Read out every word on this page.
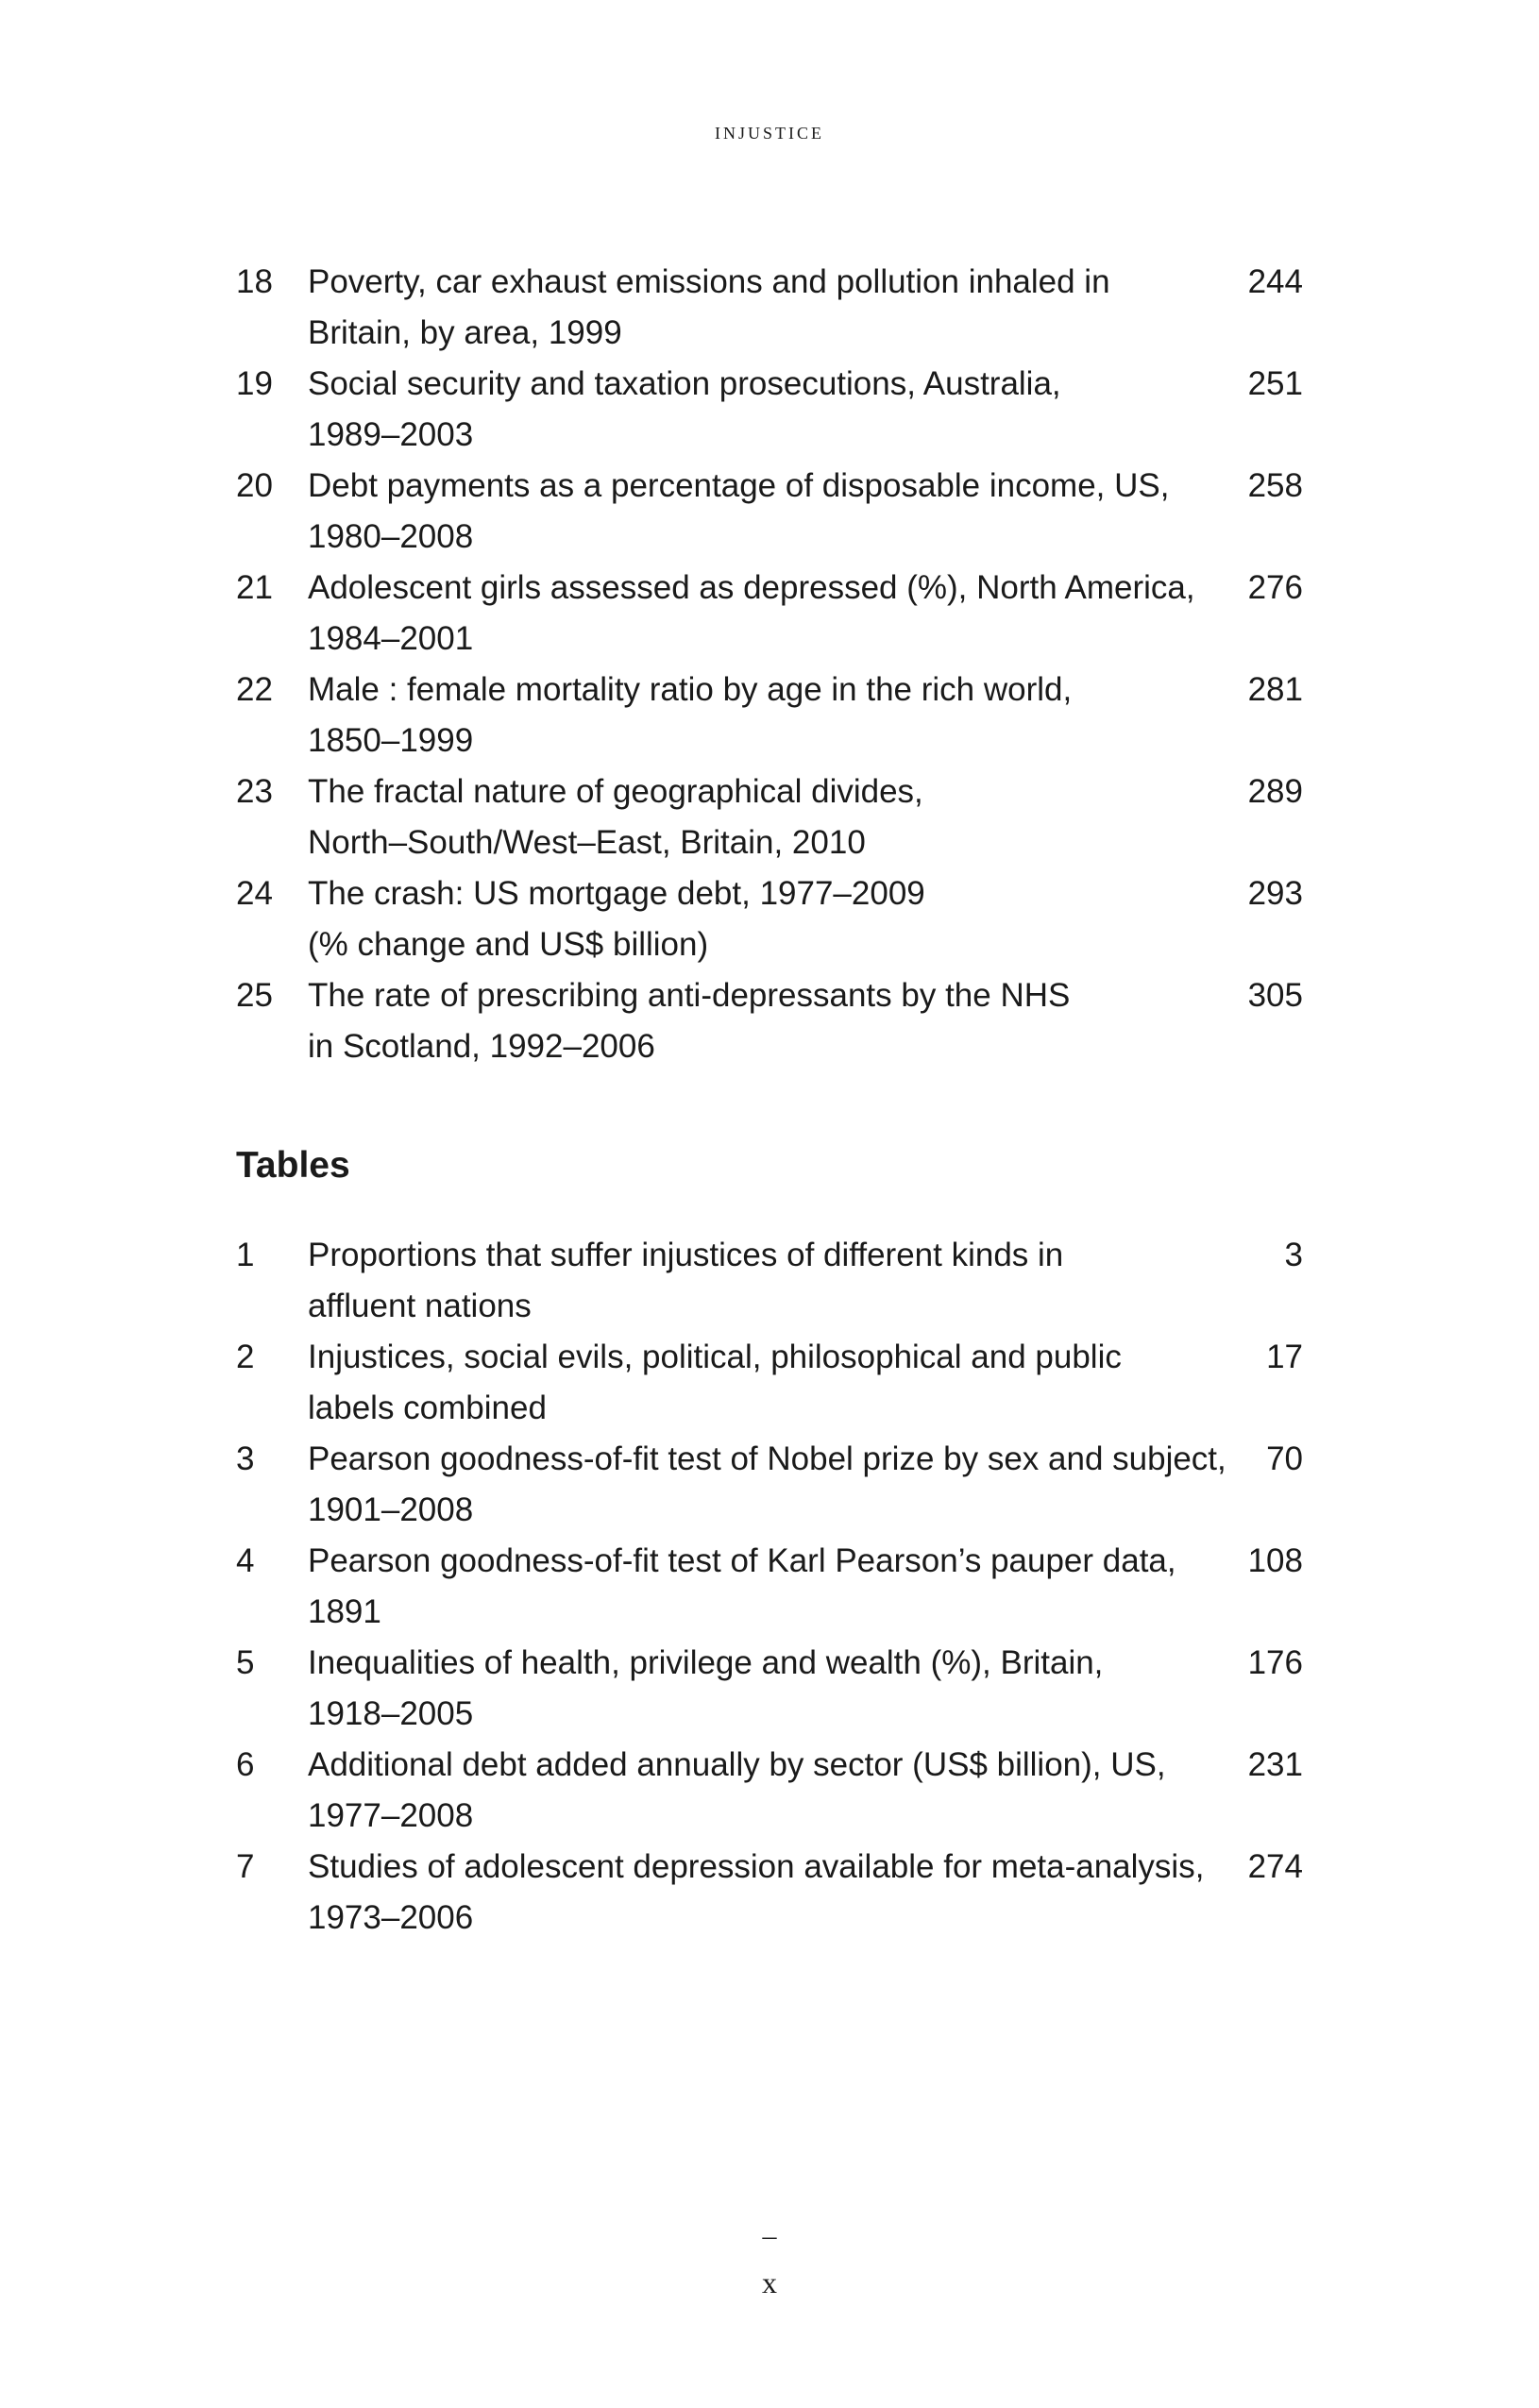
injustice
18 Poverty, car exhaust emissions and pollution inhaled in
Britain, by area, 1999
244
19 Social security and taxation prosecutions, Australia,
1989–2003
251
20 Debt payments as a percentage of disposable income, US,
1980–2008
258
21 Adolescent girls assessed as depressed (%), North America,
1984–2001
276
22 Male : female mortality ratio by age in the rich world,
1850–1999
281
23 The fractal nature of geographical divides,
North–South/West–East, Britain, 2010
289
24 The crash: US mortgage debt, 1977–2009
(% change and US$ billion)
293
25 The rate of prescribing anti-depressants by the NHS
in Scotland, 1992–2006
305
Tables
1 Proportions that suffer injustices of different kinds in
affluent nations
3
2 Injustices, social evils, political, philosophical and public
labels combined
17
3 Pearson goodness-of-fit test of Nobel prize by sex and subject,
1901–2008
70
4 Pearson goodness-of-fit test of Karl Pearson’s pauper data,
1891
108
5 Inequalities of health, privilege and wealth (%), Britain,
1918–2005
176
6 Additional debt added annually by sector (US$ billion), US,
1977–2008
231
7 Studies of adolescent depression available for meta-analysis,
1973–2006
274
–
x
